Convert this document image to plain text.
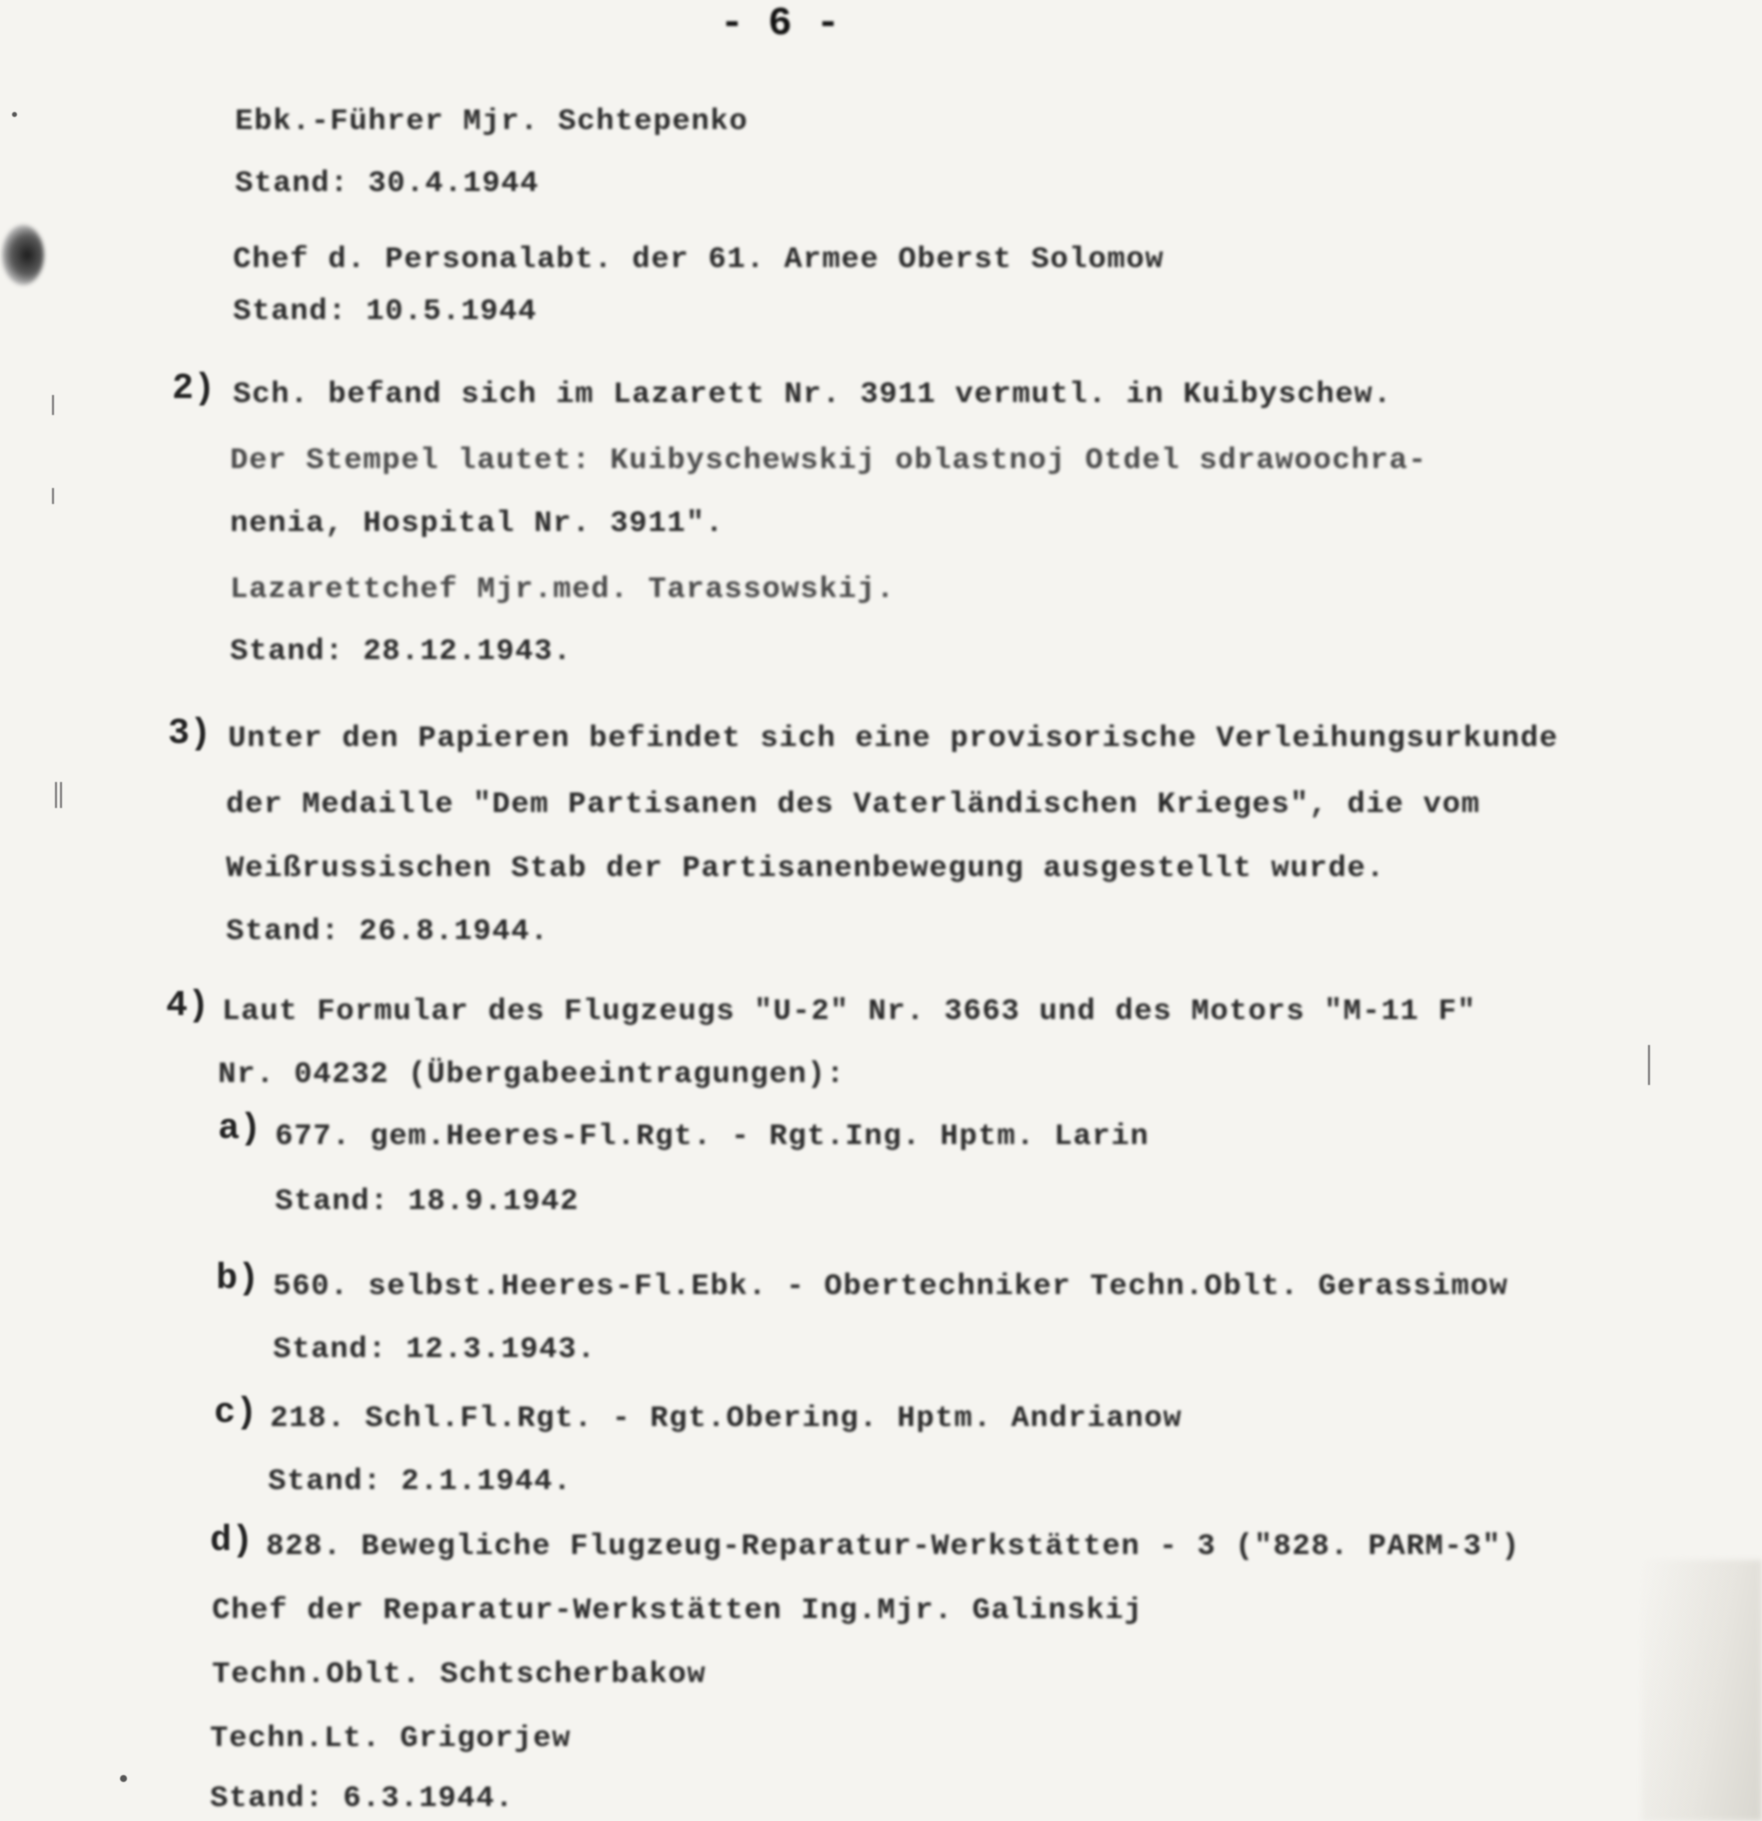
- 6 -
Ebk.-Führer Mjr. Schtepenko
Stand: 30.4.1944
Chef d. Personalabt. der 61. Armee Oberst Solomow
Stand: 10.5.1944
2) Sch. befand sich im Lazarett Nr. 3911 vermutl. in Kuibyschew.
Der Stempel lautet: Kuibyschewskij oblastnoj Otdel sdrawoochra-
nenia, Hospital Nr. 3911".
Lazarettchef Mjr.med. Tarassowskij.
Stand: 28.12.1943.
3) Unter den Papieren befindet sich eine provisorische Verleihungsurkunde
der Medaille "Dem Partisanen des Vaterländischen Krieges", die vom
Weißrussischen Stab der Partisanenbewegung ausgestellt wurde.
Stand: 26.8.1944.
4) Laut Formular des Flugzeugs "U-2" Nr. 3663 und des Motors "M-11 F"
Nr. 04232 (Übergabeeintragungen):
a) 677. gem.Heeres-Fl.Rgt. - Rgt.Ing. Hptm. Larin
Stand: 18.9.1942
b) 560. selbst.Heeres-Fl.Ebk. - Obertechniker Techn.Oblt. Gerassimow
Stand: 12.3.1943.
c) 218. Schl.Fl.Rgt. - Rgt.Obering. Hptm. Andrianow
Stand: 2.1.1944.
d) 828. Bewegliche Flugzeug-Reparatur-Werkstätten - 3 ("828. PARM-3")
Chef der Reparatur-Werkstätten Ing.Mjr. Galinskij
Techn.Oblt. Schtscherbakow
Techn.Lt. Grigorjew
Stand: 6.3.1944.
